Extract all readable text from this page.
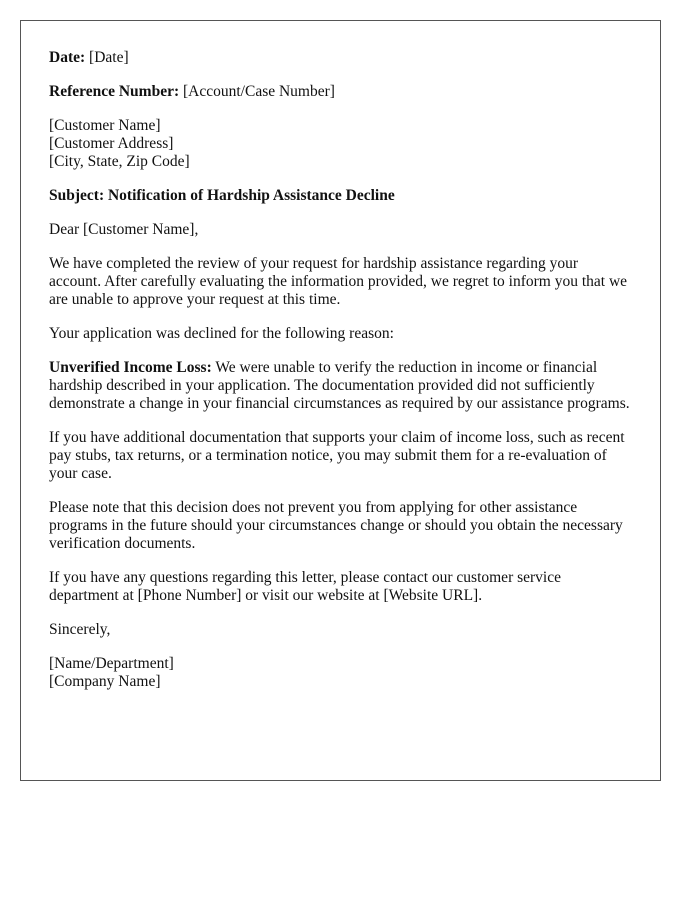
Date: [Date]

Reference Number: [Account/Case Number]

[Customer Name]
[Customer Address]
[City, State, Zip Code]

Subject: Notification of Hardship Assistance Decline

Dear [Customer Name],

We have completed the review of your request for hardship assistance regarding your account. After carefully evaluating the information provided, we regret to inform you that we are unable to approve your request at this time.

Your application was declined for the following reason:

Unverified Income Loss: We were unable to verify the reduction in income or financial hardship described in your application. The documentation provided did not sufficiently demonstrate a change in your financial circumstances as required by our assistance programs.

If you have additional documentation that supports your claim of income loss, such as recent pay stubs, tax returns, or a termination notice, you may submit them for a re-evaluation of your case.

Please note that this decision does not prevent you from applying for other assistance programs in the future should your circumstances change or should you obtain the necessary verification documents.

If you have any questions regarding this letter, please contact our customer service department at [Phone Number] or visit our website at [Website URL].

Sincerely,

[Name/Department]
[Company Name]
